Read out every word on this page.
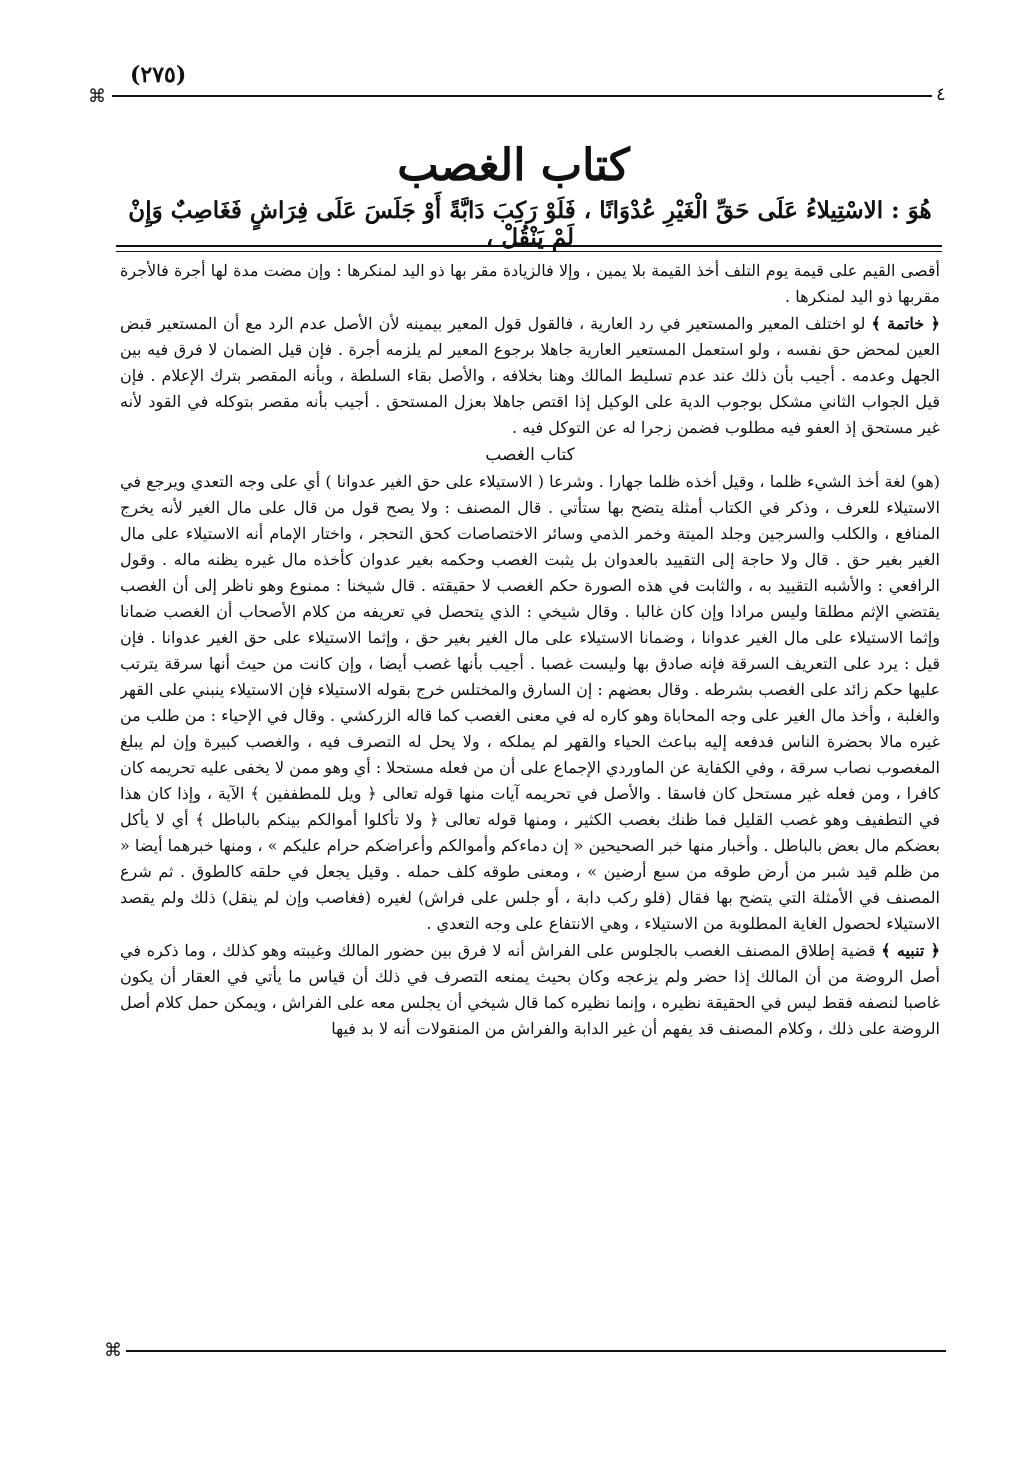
(٢٧٥)
⌘	٤
كتاب الغصب

هُوَ : الاسْتِيلاءُ عَلَى حَقِّ الْغَيْرِ عُدْوَانًا ، فَلَوْ رَكِبَ دَابَّةً أَوْ جَلَسَ عَلَى فِرَاشٍ فَغَاصِبٌ وَإِنْ لَمْ يَنْقُلْ ،

أقصى القيم على قيمة يوم التلف أخذ القيمة بلا يمين ، وإلا فالزيادة مقر بها ذو اليد لمنكرها : وإن مضت مدة لها أجرة فالأجرة مقربها ذو اليد لمنكرها .

﴿ خاتمة ﴾ لو اختلف المعير والمستعير في رد العارية ، فالقول قول المعير بيمينه لأن الأصل عدم الرد مع أن المستعير قبض العين لمحض حق نفسه ، ولو استعمل المستعير العارية جاهلا برجوع المعير لم يلزمه أجرة . فإن قيل الضمان لا فرق فيه بين الجهل وعدمه . أجيب بأن ذلك عند عدم تسليط المالك وهنا بخلافه ، والأصل بقاء السلطة ، وبأنه المقصر بترك الإعلام . فإن قيل الجواب الثاني مشكل بوجوب الدية على الوكيل إذا اقتص جاهلا بعزل المستحق . أجيب بأنه مقصر بتوكله في القود لأنه غير مستحق إذ العفو فيه مطلوب فضمن زجرا له عن التوكل فيه .

كتاب الغصب

(هو) لغة أخذ الشيء ظلما ، وقيل أخذه ظلما جهارا . وشرعا ( الاستيلاء على حق الغير عدوانا ) أي على وجه التعدي ويرجع في الاستيلاء للعرف ، وذكر في الكتاب أمثلة يتضح بها ستأتي . قال المصنف : ولا يصح قول من قال على مال الغير لأنه يخرج المنافع ، والكلب والسرجين وجلد الميتة وخمر الذمي وسائر الاختصاصات كحق التحجر ، واختار الإمام أنه الاستيلاء على مال الغير بغير حق . قال ولا حاجة إلى التقييد بالعدوان بل يثبت الغصب وحكمه بغير عدوان كأخذه مال غيره يظنه ماله . وقول الرافعي : والأشبه التقييد به ، والثابت في هذه الصورة حكم الغصب لا حقيقته . قال شيخنا : ممنوع وهو ناظر إلى أن الغصب يقتضي الإثم مطلقا وليس مرادا وإن كان غالبا . وقال شيخي : الذي يتحصل في تعريفه من كلام الأصحاب أن الغصب ضمانا وإثما الاستيلاء على مال الغير عدوانا ، وضمانا الاستيلاء على مال الغير بغير حق ، وإثما الاستيلاء على حق الغير عدوانا . فإن قيل : يرد على التعريف السرقة فإنه صادق بها وليست غصبا . أجيب بأنها غصب أيضا ، وإن كانت من حيث أنها سرقة يترتب عليها حكم زائد على الغصب بشرطه . وقال بعضهم : إن السارق والمختلس خرج بقوله الاستيلاء فإن الاستيلاء ينبني على القهر والغلبة ، وأخذ مال الغير على وجه المحاباة وهو كاره له في معنى الغصب كما قاله الزركشي . وقال في الإحياء : من طلب من غيره مالا بحضرة الناس فدفعه إليه بباعث الحياء والقهر لم يملكه ، ولا يحل له التصرف فيه ، والغصب كبيرة وإن لم يبلغ المغصوب نصاب سرقة ، وفي الكفاية عن الماوردي الإجماع على أن من فعله مستحلا : أي وهو ممن لا يخفى عليه تحريمه كان كافرا ، ومن فعله غير مستحل كان فاسقا . والأصل في تحريمه آيات منها قوله تعالى ﴿ ويل للمطففين ﴾ الآية ، وإذا كان هذا في التطفيف وهو غصب القليل فما ظنك بغصب الكثير ، ومنها قوله تعالى ﴿ ولا تأكلوا أموالكم بينكم بالباطل ﴾ أي لا يأكل بعضكم مال بعض بالباطل . وأخبار منها خبر الصحيحين « إن دماءكم وأموالكم وأعراضكم حرام عليكم » ، ومنها خبرهما أيضا « من ظلم قيد شبر من أرض طوقه من سبع أرضين » ، ومعنى طوقه كلف حمله . وقيل يجعل في حلقه كالطوق . ثم شرع المصنف في الأمثلة التي يتضح بها فقال (فلو ركب دابة ، أو جلس على فراش) لغيره (فغاصب وإن لم ينقل) ذلك ولم يقصد الاستيلاء لحصول الغاية المطلوبة من الاستيلاء ، وهي الانتفاع على وجه التعدي .

﴿ تنبيه ﴾ قضية إطلاق المصنف الغصب بالجلوس على الفراش أنه لا فرق بين حضور المالك وغيبته وهو كذلك ، وما ذكره في أصل الروضة من أن المالك إذا حضر ولم يزعجه وكان بحيث يمنعه التصرف في ذلك أن قياس ما يأتي في العقار أن يكون غاصبا لنصفه فقط ليس في الحقيقة نظيره ، وإنما نظيره كما قال شيخي أن يجلس معه على الفراش ، ويمكن حمل كلام أصل الروضة على ذلك ، وكلام المصنف قد يفهم أن غير الدابة والفراش من المنقولات أنه لا بد فيها

⌘
